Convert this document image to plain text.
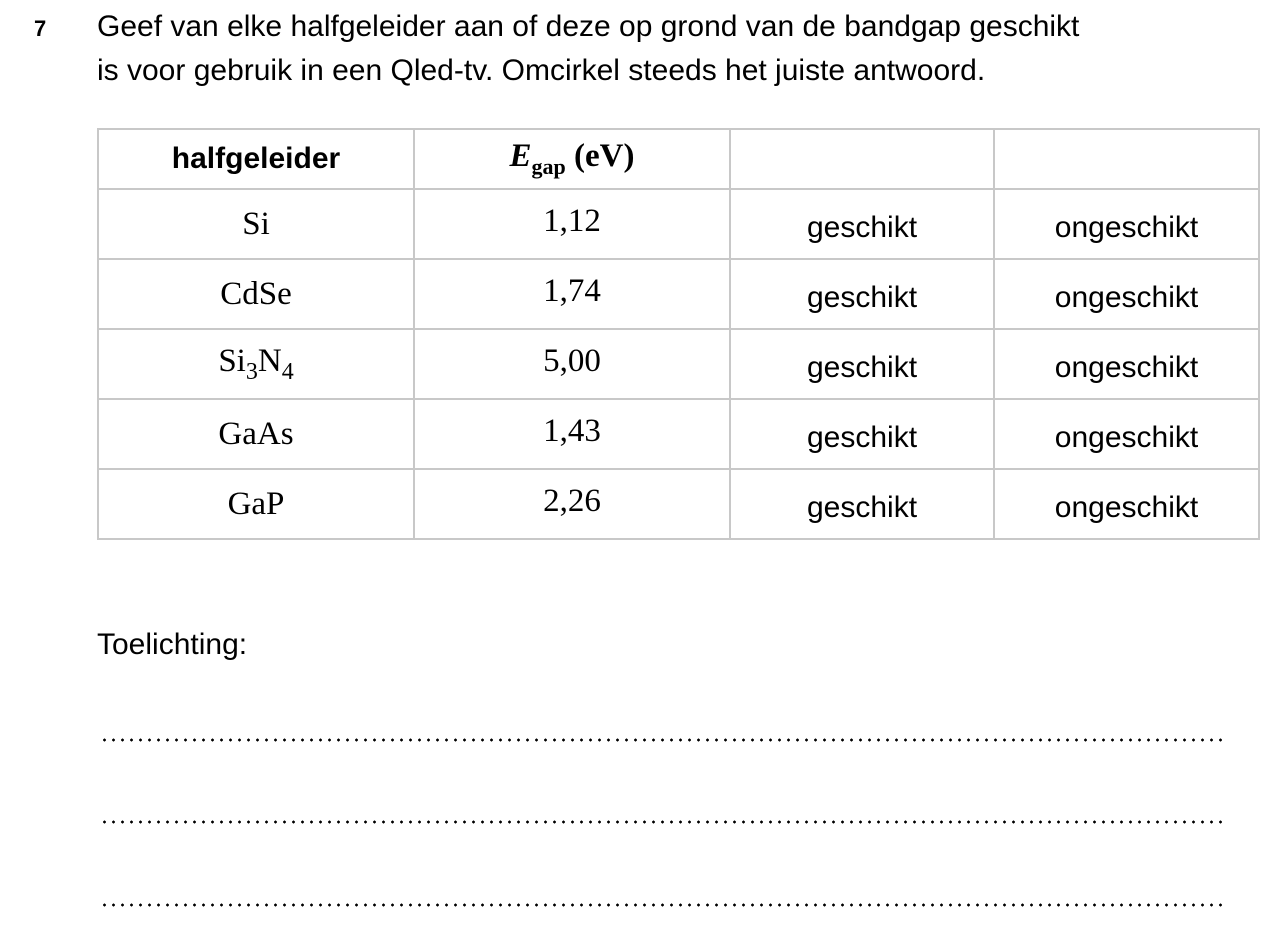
7 Geef van elke halfgeleider aan of deze op grond van de bandgap geschikt
is voor gebruik in een Qled-tv. Omcirkel steeds het juiste antwoord.
halfgeleider	$E_{gap}$ (eV)		
Si	1,12	geschikt	ongeschikt
CdSe	1,74	geschikt	ongeschikt
$Si_3N_4$	5,00	geschikt	ongeschikt
GaAs	1,43	geschikt	ongeschikt
GaP	2,26	geschikt	ongeschikt
Toelichting:
